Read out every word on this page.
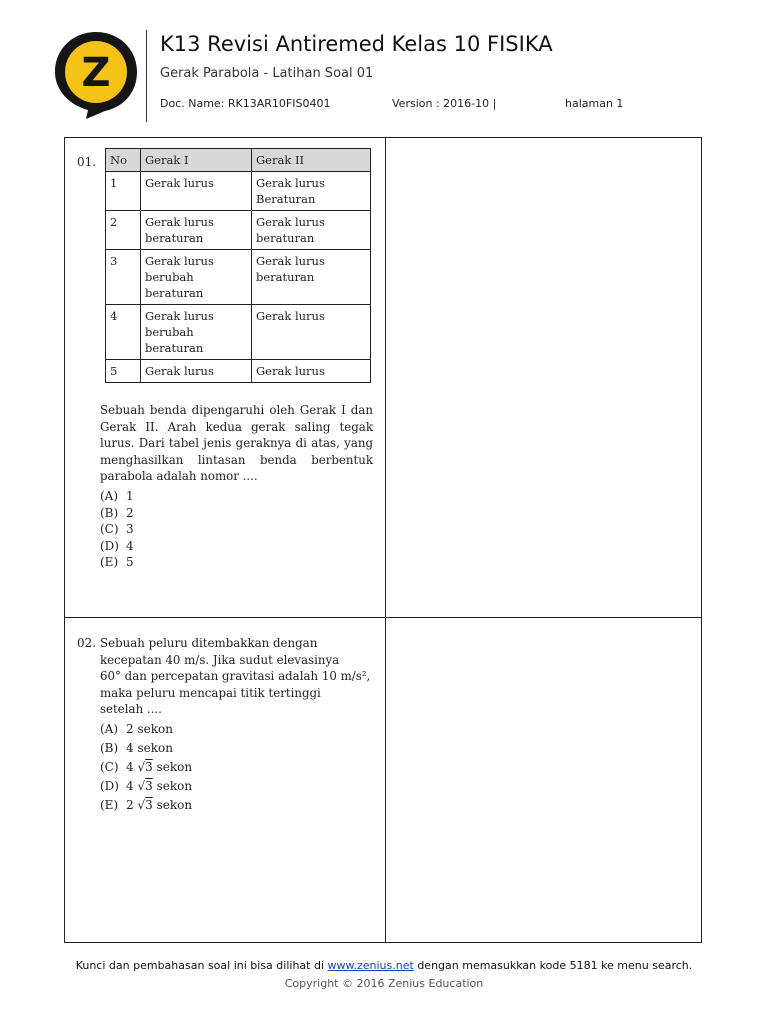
Z
K13 Revisi Antiremed Kelas 10 FISIKA
Gerak Parabola - Latihan Soal 01
Doc. Name: RK13AR10FIS0401	Version : 2016-10 |	halaman 1
01. No	Gerak I	Gerak II
1	Gerak lurus	Gerak lurus Beraturan
2	Gerak lurus beraturan	Gerak lurus beraturan
3	Gerak lurus berubah beraturan	Gerak lurus beraturan
4	Gerak lurus berubah beraturan	Gerak lurus
5	Gerak lurus	Gerak lurus
Sebuah benda dipengaruhi oleh Gerak I dan Gerak II. Arah kedua gerak saling tegak lurus. Dari tabel jenis geraknya di atas, yang menghasilkan lintasan benda berbentuk parabola adalah nomor ....
(A) 1
(B) 2
(C) 3
(D) 4
(E) 5
02. Sebuah peluru ditembakkan dengan
kecepatan 40 m/s. Jika sudut elevasinya
60° dan percepatan gravitasi adalah 10 m/s²,
maka peluru mencapai titik tertinggi
setelah ....
(A) 2 sekon
(B) 4 sekon
(C) 4 √3 sekon
(D) 4 √3 sekon
(E) 2 √3 sekon
Kunci dan pembahasan soal ini bisa dilihat di www.zenius.net dengan memasukkan kode 5181 ke menu search.
Copyright © 2016 Zenius Education
